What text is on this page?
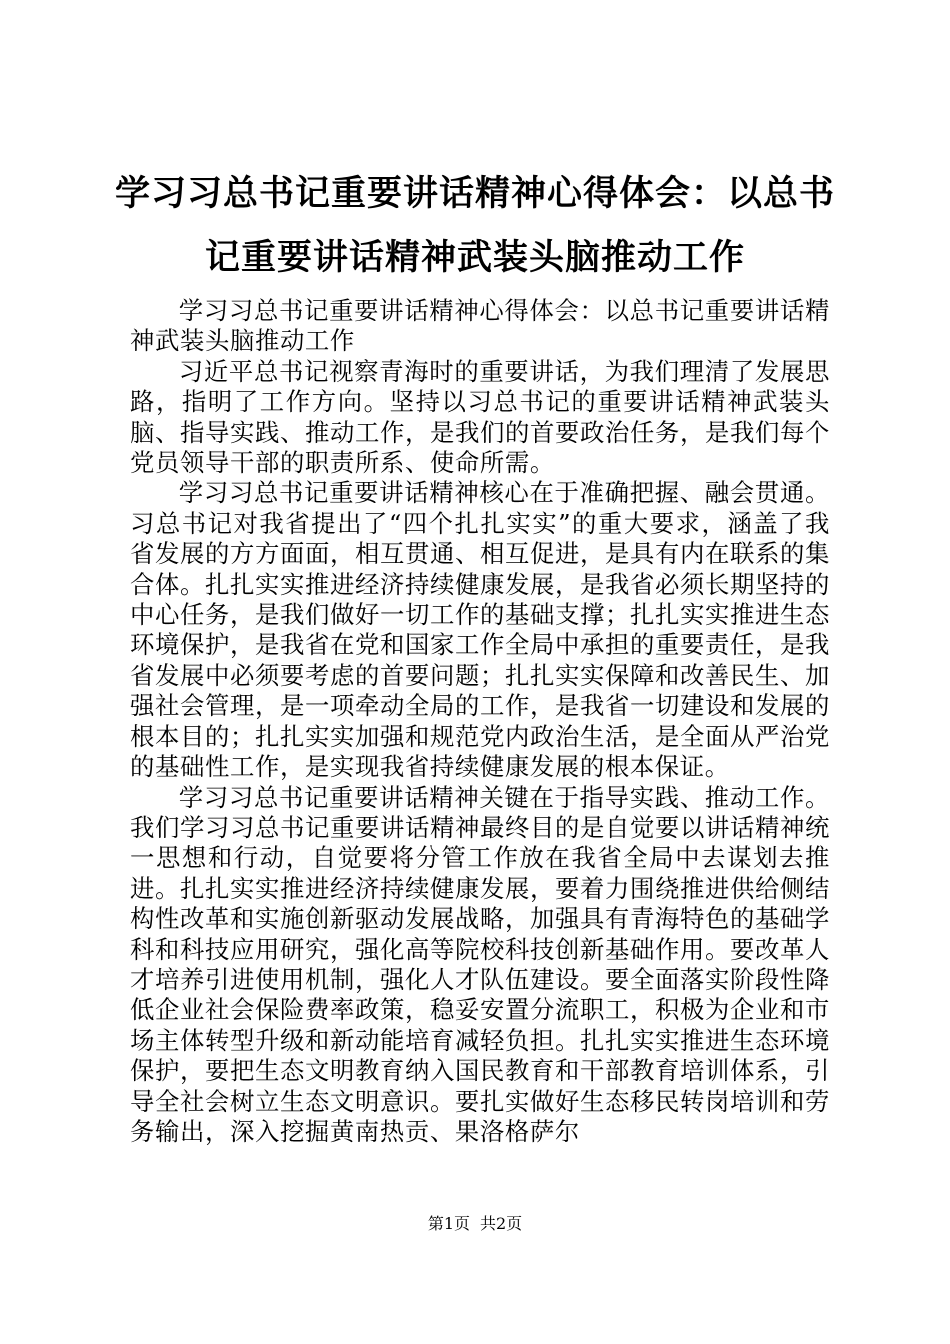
学习习总书记重要讲话精神心得体会：以总书记重要讲话精神武装头脑推动工作

学习习总书记重要讲话精神心得体会：以总书记重要讲话精神武装头脑推动工作

习近平总书记视察青海时的重要讲话，为我们理清了发展思路，指明了工作方向。坚持以习总书记的重要讲话精神武装头脑、指导实践、推动工作，是我们的首要政治任务，是我们每个党员领导干部的职责所系、使命所需。

学习习总书记重要讲话精神核心在于准确把握、融会贯通。习总书记对我省提出了“四个扎扎实实”的重大要求，涵盖了我省发展的方方面面，相互贯通、相互促进，是具有内在联系的集合体。扎扎实实推进经济持续健康发展，是我省必须长期坚持的中心任务，是我们做好一切工作的基础支撑；扎扎实实推进生态环境保护，是我省在党和国家工作全局中承担的重要责任，是我省发展中必须要考虑的首要问题；扎扎实实保障和改善民生、加强社会管理，是一项牵动全局的工作，是我省一切建设和发展的根本目的；扎扎实实加强和规范党内政治生活，是全面从严治党的基础性工作，是实现我省持续健康发展的根本保证。

学习习总书记重要讲话精神关键在于指导实践、推动工作。我们学习习总书记重要讲话精神最终目的是自觉要以讲话精神统一思想和行动，自觉要将分管工作放在我省全局中去谋划去推进。扎扎实实推进经济持续健康发展，要着力围绕推进供给侧结构性改革和实施创新驱动发展战略，加强具有青海特色的基础学科和科技应用研究，强化高等院校科技创新基础作用。要改革人才培养引进使用机制，强化人才队伍建设。要全面落实阶段性降低企业社会保险费率政策，稳妥安置分流职工，积极为企业和市场主体转型升级和新动能培育减轻负担。扎扎实实推进生态环境保护，要把生态文明教育纳入国民教育和干部教育培训体系，引导全社会树立生态文明意识。要扎实做好生态移民转岗培训和劳务输出，深入挖掘黄南热贡、果洛格萨尔

第1页 共2页
